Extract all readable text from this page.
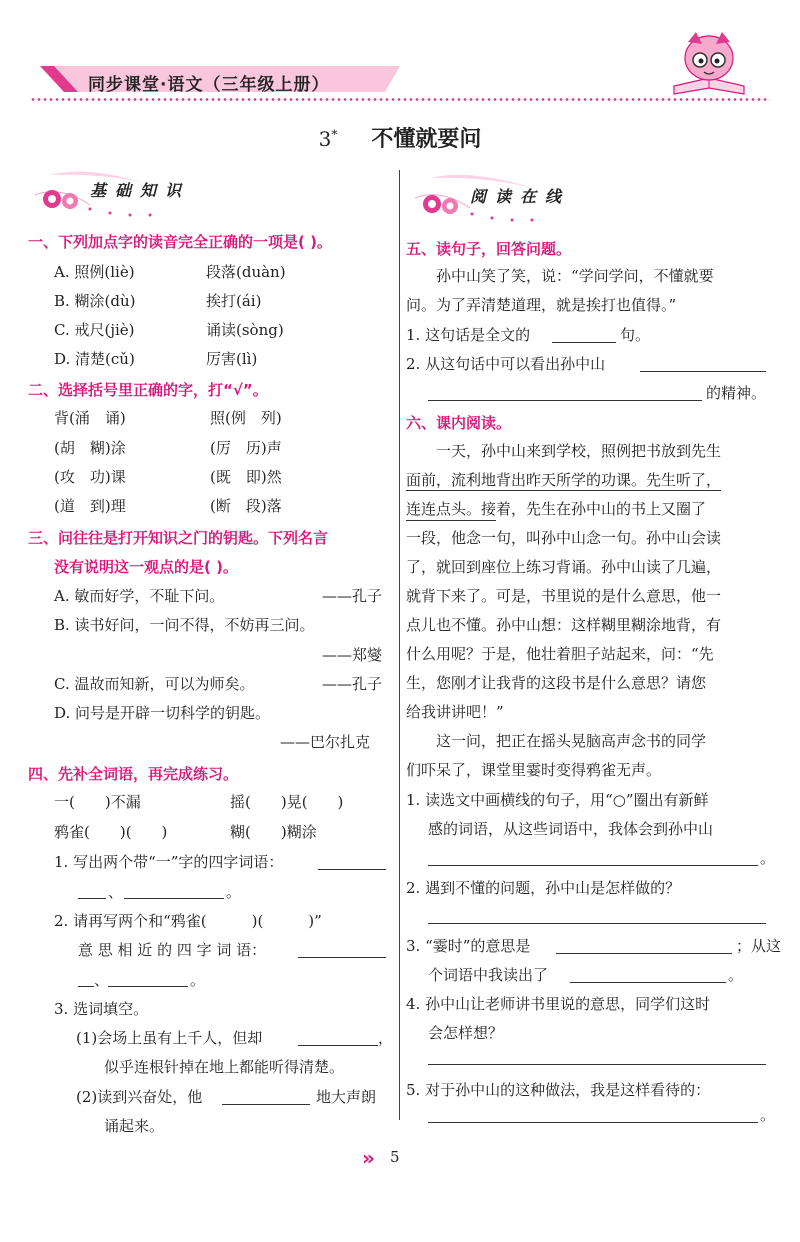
同步课堂·语文（三年级上册）
3* 不懂就要问
基础知识
一、下列加点字的读音完全正确的一项是( )。
A. 照例(liè)	段落(duàn)
B. 糊涂(dù)	挨打(ái)
C. 戒尺(jiè)	诵读(sòng)
D. 清楚(cǔ)	厉害(lì)
二、选择括号里正确的字，打“√”。
背(涌　诵)	照(例　列)
(胡　糊)涂	(厉　历)声
(攻　功)课	(既　即)然
(道　到)理	(断　段)落
三、问往往是打开知识之门的钥匙。下列名言
没有说明这一观点的是( )。
A. 敏而好学，不耻下问。	——孔子
B. 读书好问，一问不得，不妨再三问。
——郑燮
C. 温故而知新，可以为师矣。	——孔子
D. 问号是开辟一切科学的钥匙。
——巴尔扎克
四、先补全词语，再完成练习。
一(　　)不漏	摇(　　)晃(　　)
鸦雀(　　)(　　)	糊(　　)糊涂
1. 写出两个带“一”字的四字词语：
、	。
2. 请再写两个和“鸦雀(　　　)(　　　)”
意 思 相 近 的 四 字 词 语：
、	。
3. 选词填空。
(1)会场上虽有上千人，但却	，
似乎连根针掉在地上都能听得清楚。
(2)读到兴奋处，他	地大声朗
诵起来。
阅读在线
五、读句子，回答问题。
孙中山笑了笑，说：“学问学问，不懂就要
问。为了弄清楚道理，就是挨打也值得。”
1. 这句话是全文的	句。
2. 从这句话中可以看出孙中山
的精神。
六、课内阅读。
一天，孙中山来到学校，照例把书放到先生
面前，流利地背出昨天所学的功课。先生听了，
连连点头。接着，先生在孙中山的书上又圈了
一段，他念一句，叫孙中山念一句。孙中山会读
了，就回到座位上练习背诵。孙中山读了几遍，
就背下来了。可是，书里说的是什么意思，他一
点儿也不懂。孙中山想：这样糊里糊涂地背，有
什么用呢？于是，他壮着胆子站起来，问：“先
生，您刚才让我背的这段书是什么意思？请您
给我讲讲吧！”
这一问，把正在摇头晃脑高声念书的同学
们吓呆了，课堂里霎时变得鸦雀无声。
1. 读选文中画横线的句子，用“○”圈出有新鲜
感的词语，从这些词语中，我体会到孙中山
。
2. 遇到不懂的问题，孙中山是怎样做的？
3. “霎时”的意思是	；从这
个词语中我读出了	。
4. 孙中山让老师讲书里说的意思，同学们这时
会怎样想？
5. 对于孙中山的这种做法，我是这样看待的：
。
» 5
